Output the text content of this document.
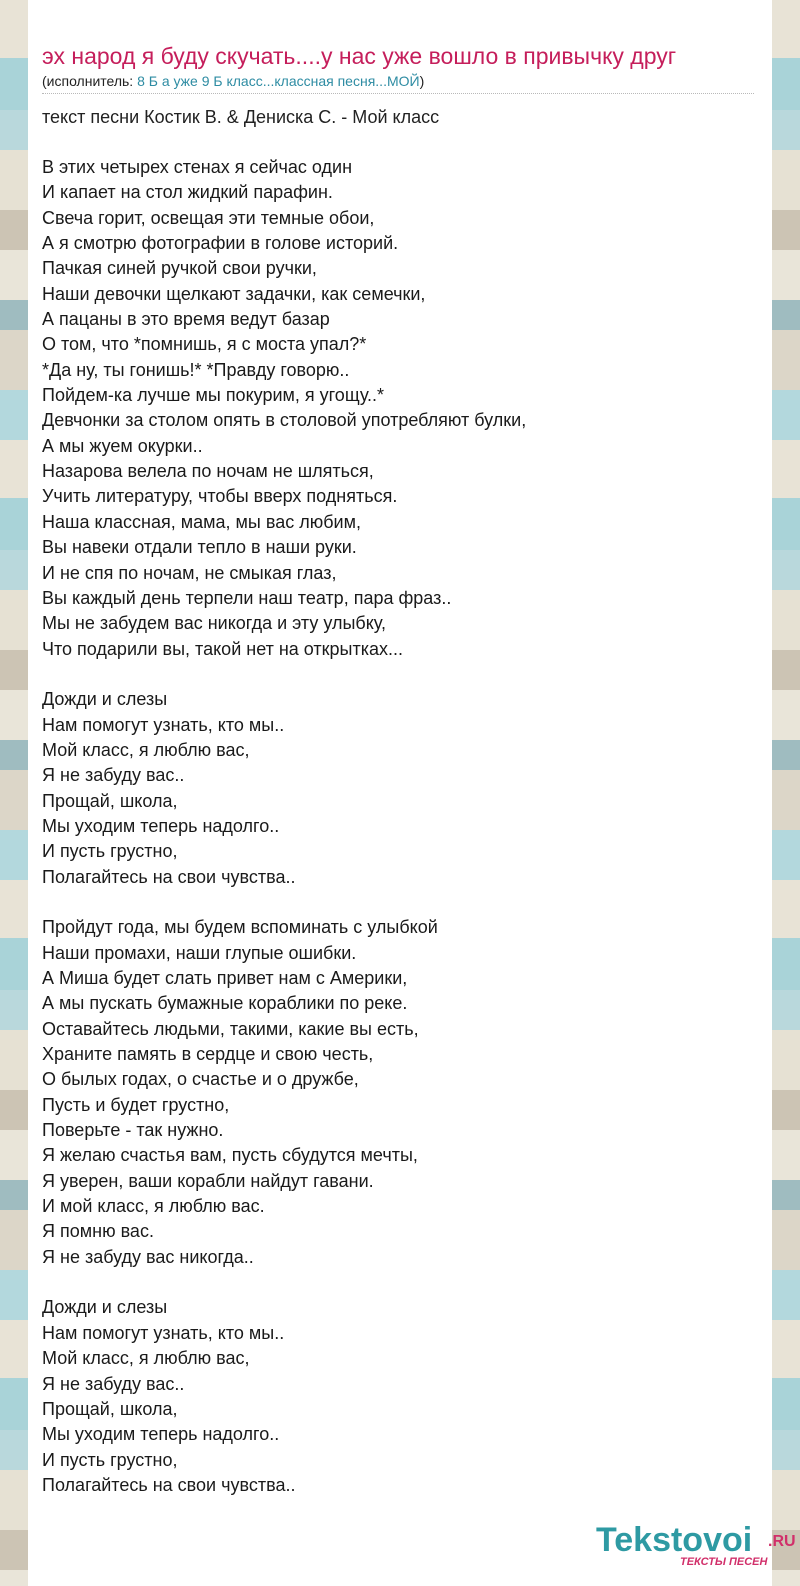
эх народ я буду скучать....у нас уже вошло в привычку друг
(исполнитель: 8 Б а уже 9 Б класс...классная песня...МОЙ)
текст песни Костик В. & Дениска С. - Мой класс
В этих четырех стенах я сейчас один
И капает на стол жидкий парафин.
Свеча горит, освещая эти темные обои,
А я смотрю фотографии в голове историй.
Пачкая синей ручкой свои ручки,
Наши девочки щелкают задачки, как семечки,
А пацаны в это время ведут базар
О том, что *помнишь, я с моста упал?*
*Да ну, ты гонишь!* *Правду говорю..
Пойдем-ка лучше мы покурим, я угощу..*
Девчонки за столом опять в столовой употребляют булки,
А мы жуем окурки..
Назарова велела по ночам не шляться,
Учить литературу, чтобы вверх подняться.
Наша классная, мама, мы вас любим,
Вы навеки отдали тепло в наши руки.
И не спя по ночам, не смыкая глаз,
Вы каждый день терпели наш театр, пара фраз..
Мы не забудем вас никогда и эту улыбку,
Что подарили вы, такой нет на открытках...
Дожди и слезы
Нам помогут узнать, кто мы..
Мой класс, я люблю вас,
Я не забуду вас..
Прощай, школа,
Мы уходим теперь надолго..
И пусть грустно,
Полагайтесь на свои чувства..
Пройдут года, мы будем вспоминать с улыбкой
Наши промахи, наши глупые ошибки.
А Миша будет слать привет нам с Америки,
А мы пускать бумажные кораблики по реке.
Оставайтесь людьми, такими, какие вы есть,
Храните память в сердце и свою честь,
О былых годах, о счастье и о дружбе,
Пусть и будет грустно,
Поверьте - так нужно.
Я желаю счастья вам, пусть сбудутся мечты,
Я уверен, ваши корабли найдут гавани.
И мой класс, я люблю вас.
Я помню вас.
Я не забуду вас никогда..
Дожди и слезы
Нам помогут узнать, кто мы..
Мой класс, я люблю вас,
Я не забуду вас..
Прощай, школа,
Мы уходим теперь надолго..
И пусть грустно,
Полагайтесь на свои чувства..
Tekstovoi .RU
ТЕКСТЫ ПЕСЕН
